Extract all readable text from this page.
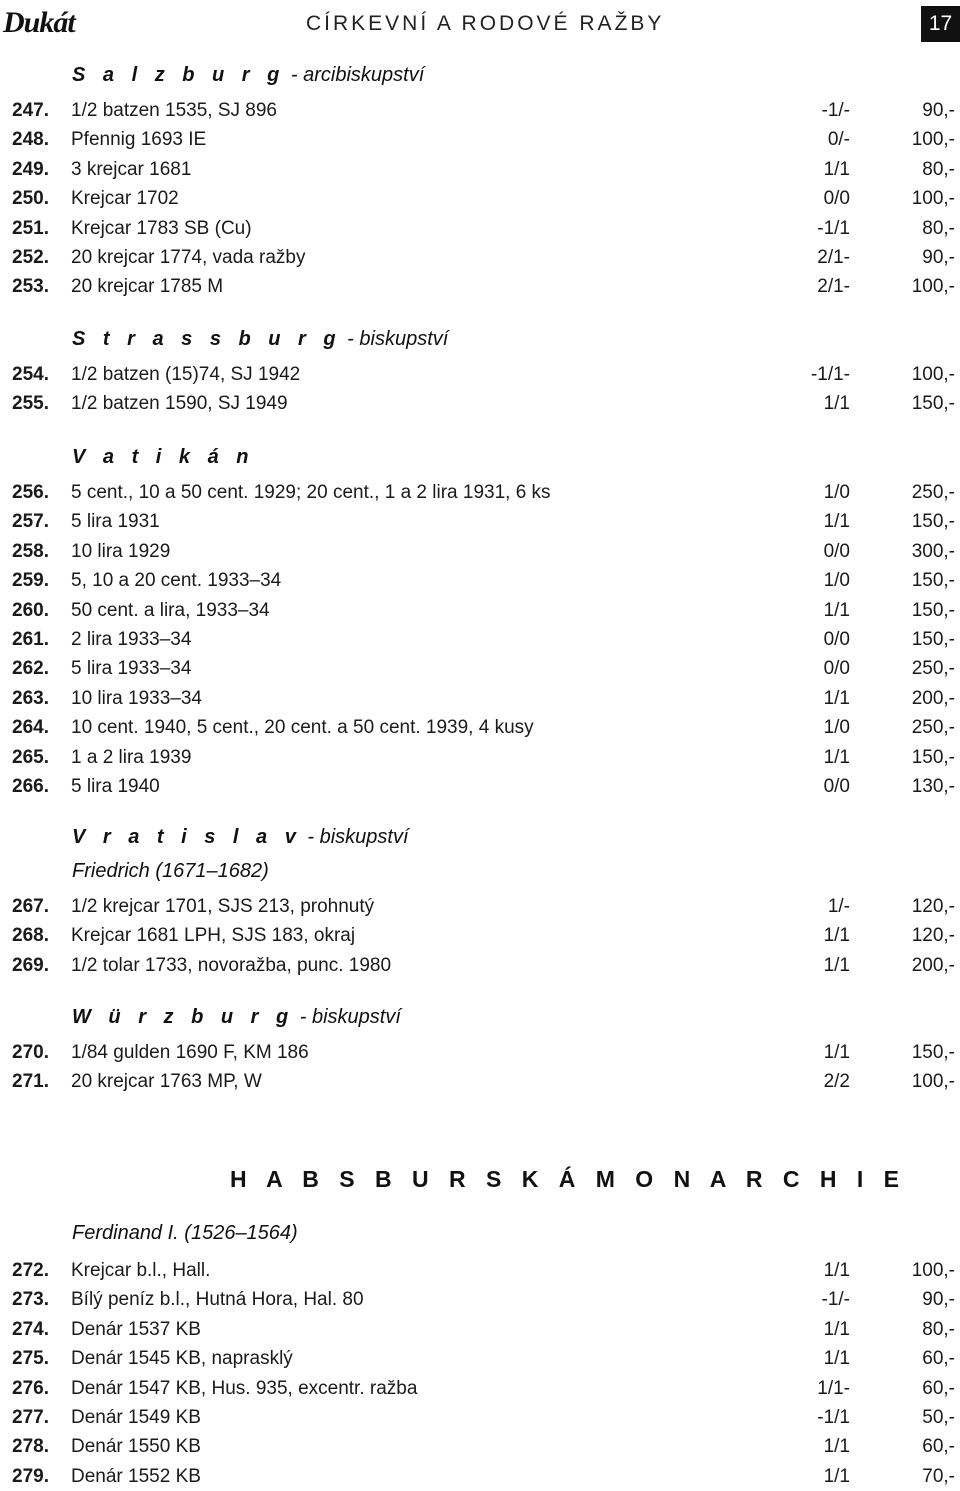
Dukát	CÍRKEVNÍ A RODOVÉ RAŽBY	17
S a l z b u r g - arcibiskupství
247. 1/2 batzen 1535, SJ 896	-1/-	90,-
248. Pfennig 1693 IE	0/-	100,-
249. 3 krejcar 1681	1/1	80,-
250. Krejcar 1702	0/0	100,-
251. Krejcar 1783 SB (Cu)	-1/1	80,-
252. 20 krejcar 1774, vada ražby	2/1-	90,-
253. 20 krejcar 1785 M	2/1-	100,-
S t r a s s b u r g - biskupství
254. 1/2 batzen (15)74, SJ 1942	-1/1-	100,-
255. 1/2 batzen 1590, SJ 1949	1/1	150,-
V a t i k á n
256. 5 cent., 10 a 50 cent. 1929; 20 cent., 1 a 2 lira 1931, 6 ks	1/0	250,-
257. 5 lira 1931	1/1	150,-
258. 10 lira 1929	0/0	300,-
259. 5, 10 a 20 cent. 1933–34	1/0	150,-
260. 50 cent. a lira, 1933–34	1/1	150,-
261. 2 lira 1933–34	0/0	150,-
262. 5 lira 1933–34	0/0	250,-
263. 10 lira 1933–34	1/1	200,-
264. 10 cent. 1940, 5 cent., 20 cent. a 50 cent. 1939, 4 kusy	1/0	250,-
265. 1 a 2 lira 1939	1/1	150,-
266. 5 lira 1940	0/0	130,-
V r a t i s l a v - biskupství
Friedrich (1671–1682)
267. 1/2 krejcar 1701, SJS 213, prohnutý	1/-	120,-
268. Krejcar 1681 LPH, SJS 183, okraj	1/1	120,-
269. 1/2 tolar 1733, novoražba, punc. 1980	1/1	200,-
W ü r z b u r g - biskupství
270. 1/84 gulden 1690 F, KM 186	1/1	150,-
271. 20 krejcar 1763 MP, W	2/2	100,-
Ferdinand I. (1526–1564)
272. Krejcar b.l., Hall.	1/1	100,-
273. Bílý peníz b.l., Hutná Hora, Hal. 80	-1/-	90,-
274. Denár 1537 KB	1/1	80,-
275. Denár 1545 KB, naprasklý	1/1	60,-
276. Denár 1547 KB, Hus. 935, excentr. ražba	1/1-	60,-
277. Denár 1549 KB	-1/1	50,-
278. Denár 1550 KB	1/1	60,-
279. Denár 1552 KB	1/1	70,-
H A B S B U R S K Á M O N A R C H I E
